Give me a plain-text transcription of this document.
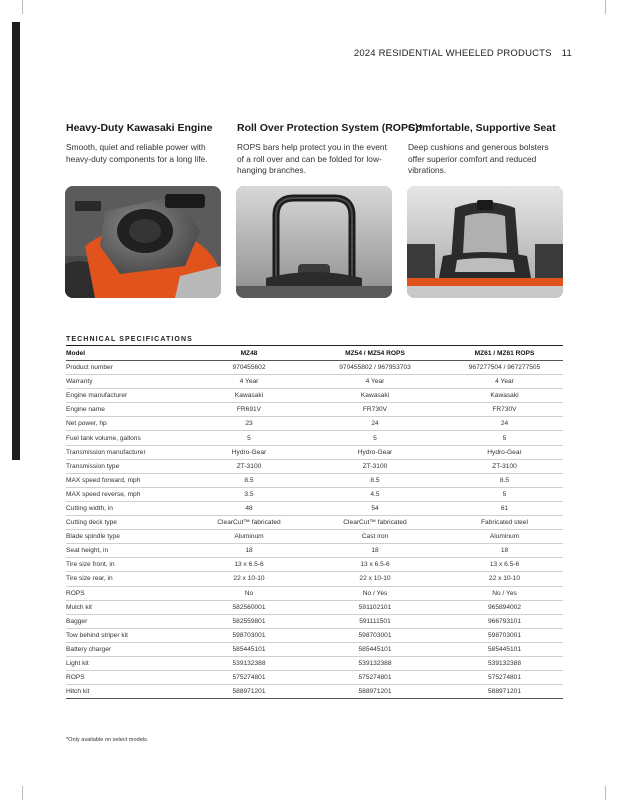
2024 RESIDENTIAL WHEELED PRODUCTS 11
Heavy-Duty Kawasaki Engine

Smooth, quiet and reliable power with heavy-duty components for a long life.

Roll Over Protection System (ROPS)*

ROPS bars help protect you in the event of a roll over and can be folded for low-hanging branches.

Comfortable, Supportive Seat

Deep cushions and generous bolsters offer superior comfort and reduced vibrations.

TECHNICAL SPECIFICATIONS
Model	MZ48	MZ54 / MZ54 ROPS	MZ61 / MZ61 ROPS
Product number	970455602	970455802 / 967953703	967277504 / 967277505
Warranty	4 Year	4 Year	4 Year
Engine manufacturer	Kawasaki	Kawasaki	Kawasaki
Engine name	FR691V	FR730V	FR730V
Net power, hp	23	24	24
Fuel tank volume, gallons	5	5	5
Transmission manufacturer	Hydro-Gear	Hydro-Gear	Hydro-Gear
Transmission type	ZT-3100	ZT-3100	ZT-3100
MAX speed forward, mph	8.5	8.5	8.5
MAX speed reverse, mph	3.5	4.5	5
Cutting width, in	48	54	61
Cutting deck type	ClearCut™ fabricated	ClearCut™ fabricated	Fabricated steel
Blade spindle type	Aluminum	Cast iron	Aluminum
Seat height, in	18	18	18
Tire size front, in	13 x 6.5-6	13 x 6.5-6	13 x 6.5-6
Tire size rear, in	22 x 10-10	22 x 10-10	22 x 10-10
ROPS	No	No / Yes	No / Yes
Mulch kit	582560001	591102101	965894002
Bagger	582559801	591111501	966793101
Tow behind striper kit	598703001	598703001	598703001
Battery charger	585445101	585445101	585445101
Light kit	539132388	539132388	539132388
ROPS	575274801	575274801	575274801
Hitch kit	588971201	588971201	588971201
*Only available on select models.
